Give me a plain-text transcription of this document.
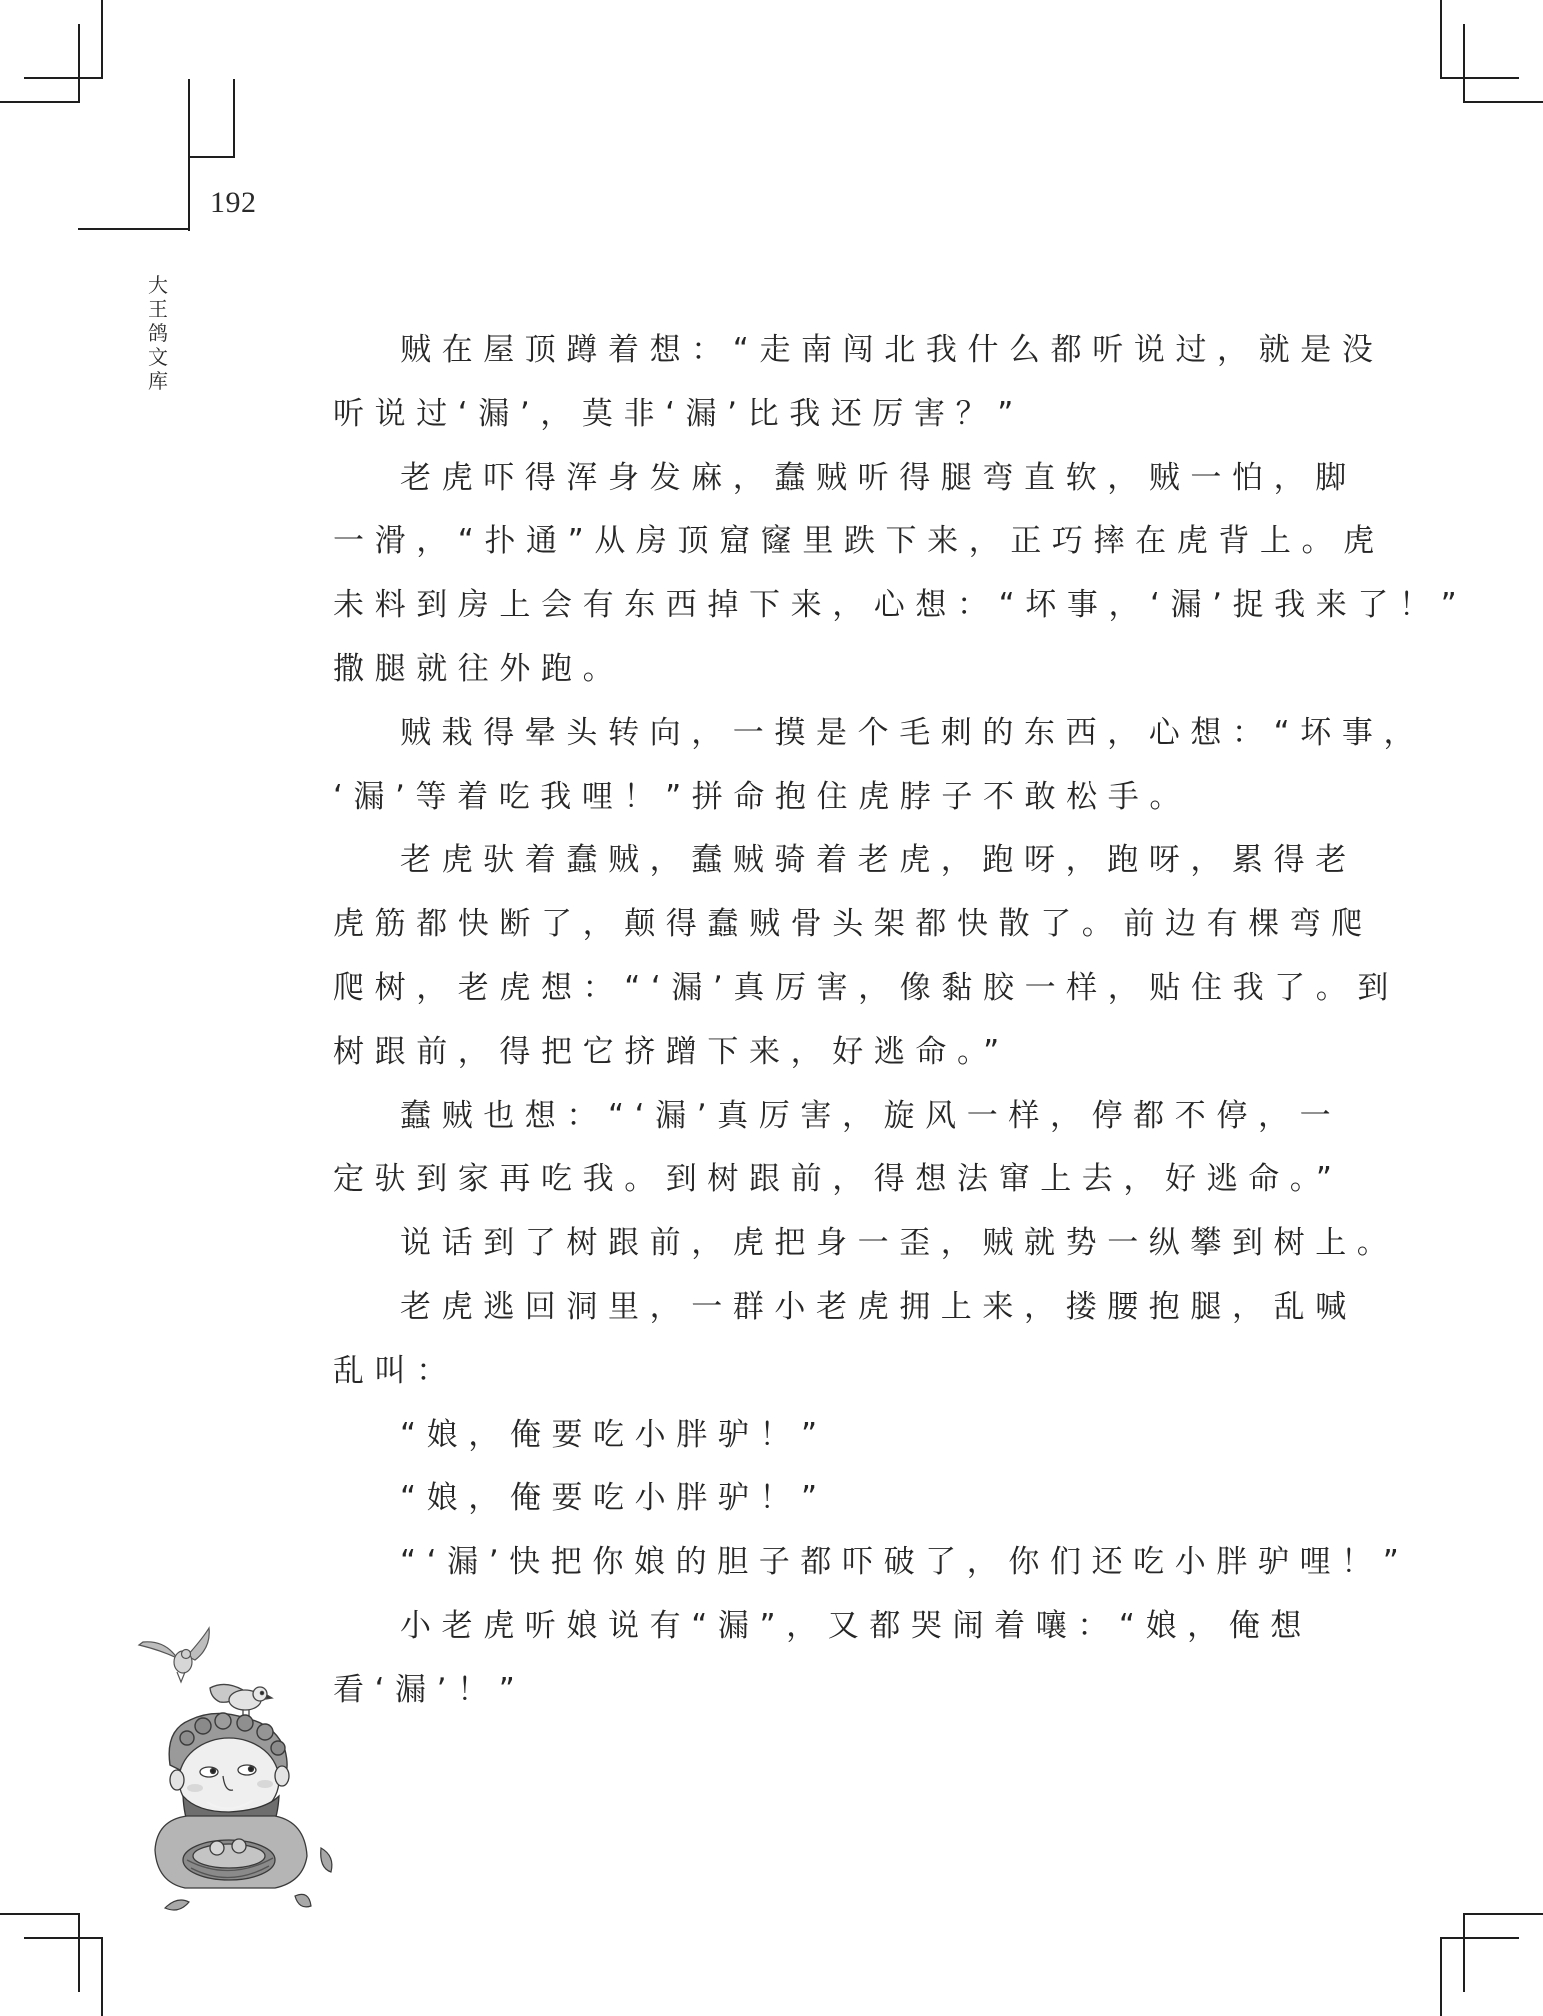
192
大
王
鸽
文
库
贼在屋顶蹲着想：“走南闯北我什么都听说过，就是没
听说过‘漏’，莫非‘漏’比我还厉害？”
老虎吓得浑身发麻，蠢贼听得腿弯直软，贼一怕，脚
一滑，“扑通”从房顶窟窿里跌下来，正巧摔在虎背上。虎
未料到房上会有东西掉下来，心想：“坏事，‘漏’捉我来了！”
撒腿就往外跑。
贼栽得晕头转向，一摸是个毛刺的东西，心想：“坏事，
‘漏’等着吃我哩！”拼命抱住虎脖子不敢松手。
老虎驮着蠢贼，蠢贼骑着老虎，跑呀，跑呀，累得老
虎筋都快断了，颠得蠢贼骨头架都快散了。前边有棵弯爬
爬树，老虎想：“‘漏’真厉害，像黏胶一样，贴住我了。到
树跟前，得把它挤蹭下来，好逃命。”
蠢贼也想：“‘漏’真厉害，旋风一样，停都不停，一
定驮到家再吃我。到树跟前，得想法窜上去，好逃命。”
说话到了树跟前，虎把身一歪，贼就势一纵攀到树上。
老虎逃回洞里，一群小老虎拥上来，搂腰抱腿，乱喊
乱叫：
“娘，俺要吃小胖驴！”
“娘，俺要吃小胖驴！”
“‘漏’快把你娘的胆子都吓破了，你们还吃小胖驴哩！”
小老虎听娘说有“漏”，又都哭闹着嚷：“娘，俺想
看‘漏’！”
